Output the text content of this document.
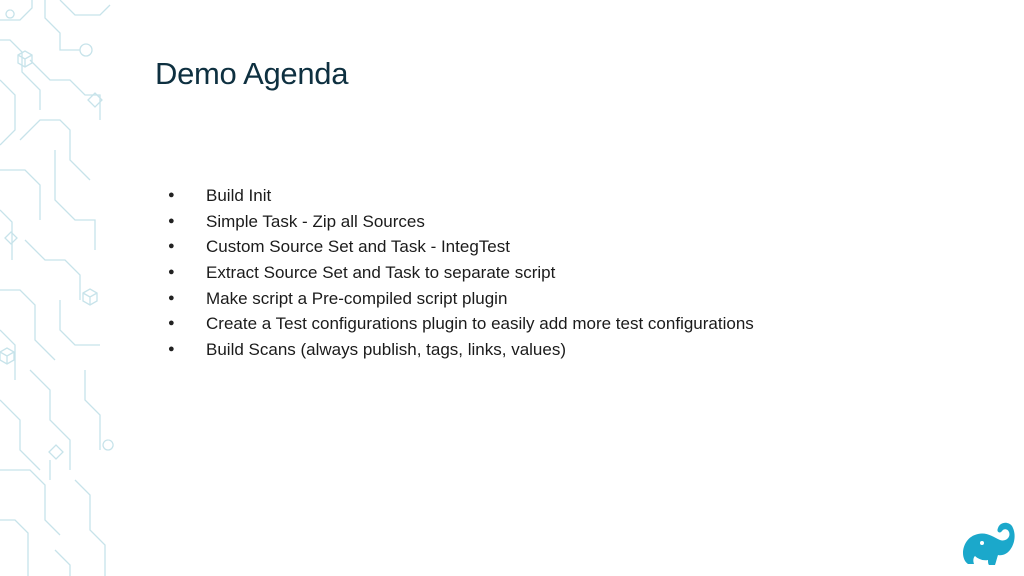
Demo Agenda
● Build Init
● Simple Task - Zip all Sources
● Custom Source Set and Task - IntegTest
● Extract Source Set and Task to separate script
● Make script a Pre-compiled script plugin
● Create a Test configurations plugin to easily add more test configurations
● Build Scans (always publish, tags, links, values)
